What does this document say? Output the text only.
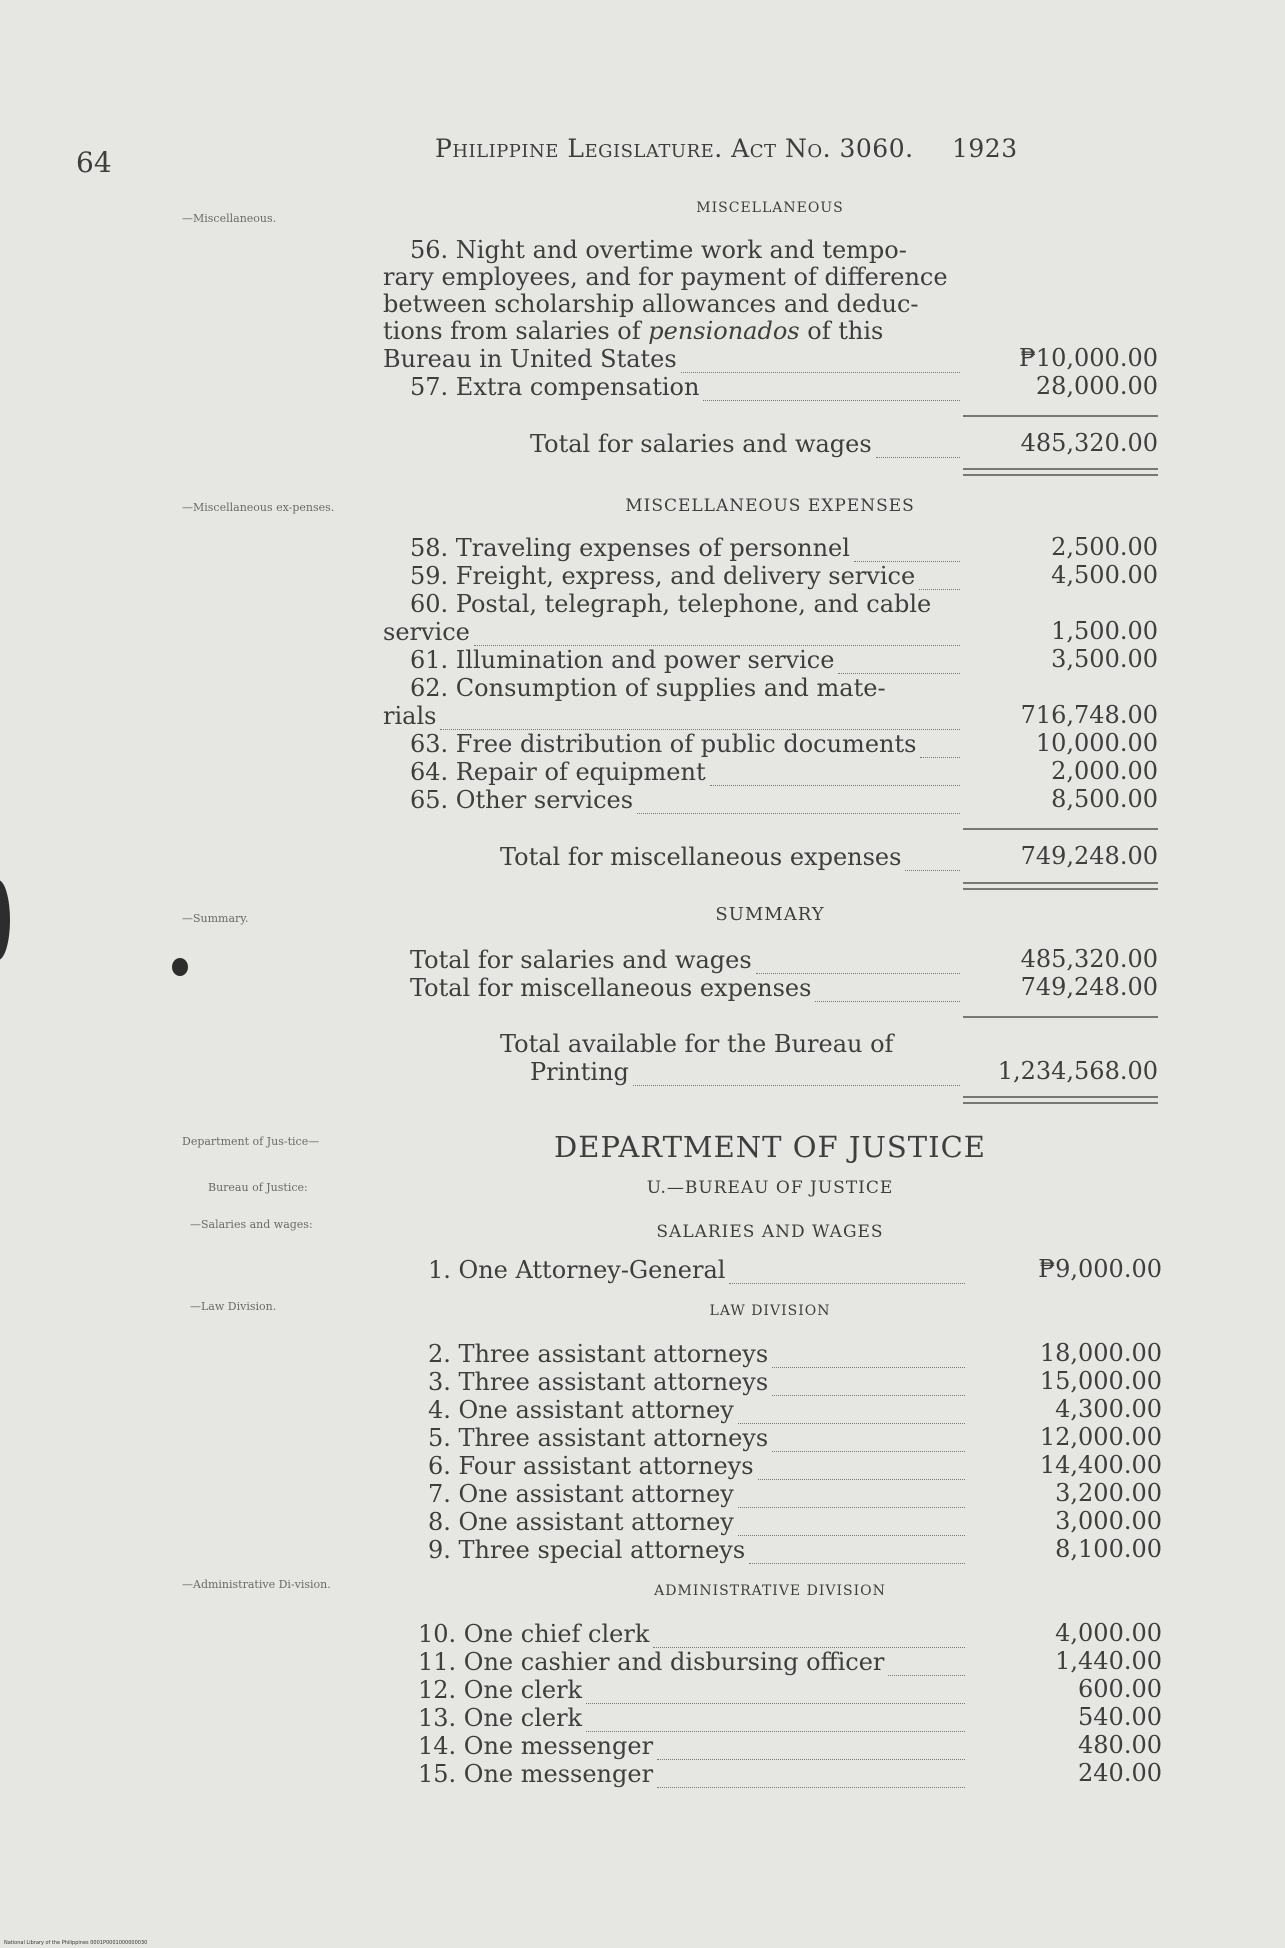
64	Philippine Legislature. Act No. 3060. 1923
—Miscellaneous.
—Miscellaneous ex-penses.
—Summary.
Department of Jus-tice—
Bureau of Justice:
—Salaries and wages:
—Law Division.
—Administrative Di-vision.
MISCELLANEOUS
56. Night and overtime work and tempo-
rary employees, and for payment of difference
between scholarship allowances and deduc-
tions from salaries of pensionados of this
Bureau in United States	₱10,000.00
57. Extra compensation	28,000.00
Total for salaries and wages	485,320.00
MISCELLANEOUS EXPENSES
58. Traveling expenses of personnel	2,500.00
59. Freight, express, and delivery service	4,500.00
60. Postal, telegraph, telephone, and cable
service	1,500.00
61. Illumination and power service	3,500.00
62. Consumption of supplies and mate-
rials	716,748.00
63. Free distribution of public documents	10,000.00
64. Repair of equipment	2,000.00
65. Other services	8,500.00
Total for miscellaneous expenses	749,248.00
SUMMARY
Total for salaries and wages	485,320.00
Total for miscellaneous expenses	749,248.00
Total available for the Bureau of
Printing	1,234,568.00
DEPARTMENT OF JUSTICE
U.—BUREAU OF JUSTICE
SALARIES AND WAGES
1. One Attorney-General	₱9,000.00
LAW DIVISION
2. Three assistant attorneys	18,000.00
3. Three assistant attorneys	15,000.00
4. One assistant attorney	4,300.00
5. Three assistant attorneys	12,000.00
6. Four assistant attorneys	14,400.00
7. One assistant attorney	3,200.00
8. One assistant attorney	3,000.00
9. Three special attorneys	8,100.00
ADMINISTRATIVE DIVISION
10. One chief clerk	4,000.00
11. One cashier and disbursing officer	1,440.00
12. One clerk	600.00
13. One clerk	540.00
14. One messenger	480.00
15. One messenger	240.00
National Library of the Philippines 0001P0001000000030
